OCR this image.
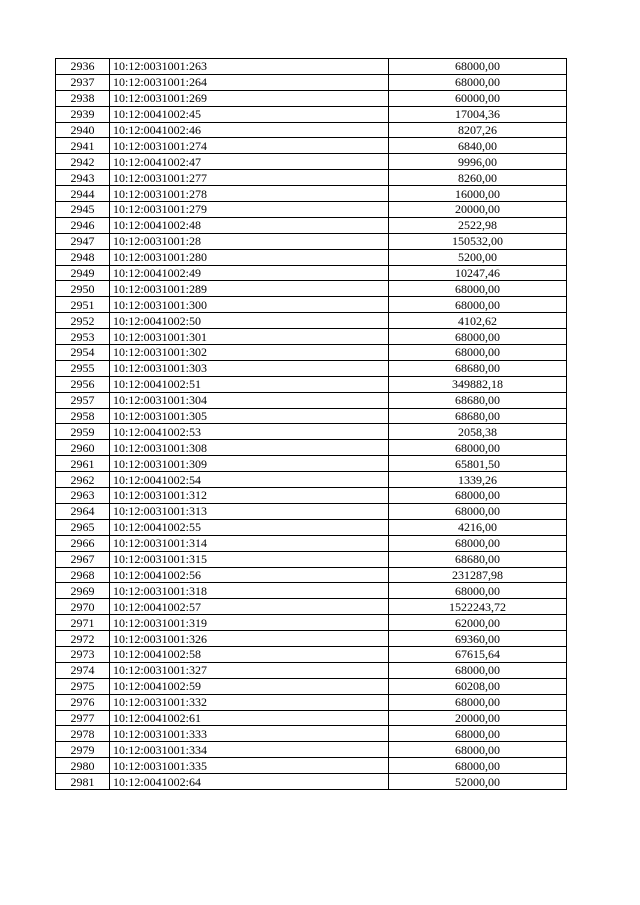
2936	10:12:0031001:263	68000,00
2937	10:12:0031001:264	68000,00
2938	10:12:0031001:269	60000,00
2939	10:12:0041002:45	17004,36
2940	10:12:0041002:46	8207,26
2941	10:12:0031001:274	6840,00
2942	10:12:0041002:47	9996,00
2943	10:12:0031001:277	8260,00
2944	10:12:0031001:278	16000,00
2945	10:12:0031001:279	20000,00
2946	10:12:0041002:48	2522,98
2947	10:12:0031001:28	150532,00
2948	10:12:0031001:280	5200,00
2949	10:12:0041002:49	10247,46
2950	10:12:0031001:289	68000,00
2951	10:12:0031001:300	68000,00
2952	10:12:0041002:50	4102,62
2953	10:12:0031001:301	68000,00
2954	10:12:0031001:302	68000,00
2955	10:12:0031001:303	68680,00
2956	10:12:0041002:51	349882,18
2957	10:12:0031001:304	68680,00
2958	10:12:0031001:305	68680,00
2959	10:12:0041002:53	2058,38
2960	10:12:0031001:308	68000,00
2961	10:12:0031001:309	65801,50
2962	10:12:0041002:54	1339,26
2963	10:12:0031001:312	68000,00
2964	10:12:0031001:313	68000,00
2965	10:12:0041002:55	4216,00
2966	10:12:0031001:314	68000,00
2967	10:12:0031001:315	68680,00
2968	10:12:0041002:56	231287,98
2969	10:12:0031001:318	68000,00
2970	10:12:0041002:57	1522243,72
2971	10:12:0031001:319	62000,00
2972	10:12:0031001:326	69360,00
2973	10:12:0041002:58	67615,64
2974	10:12:0031001:327	68000,00
2975	10:12:0041002:59	60208,00
2976	10:12:0031001:332	68000,00
2977	10:12:0041002:61	20000,00
2978	10:12:0031001:333	68000,00
2979	10:12:0031001:334	68000,00
2980	10:12:0031001:335	68000,00
2981	10:12:0041002:64	52000,00
